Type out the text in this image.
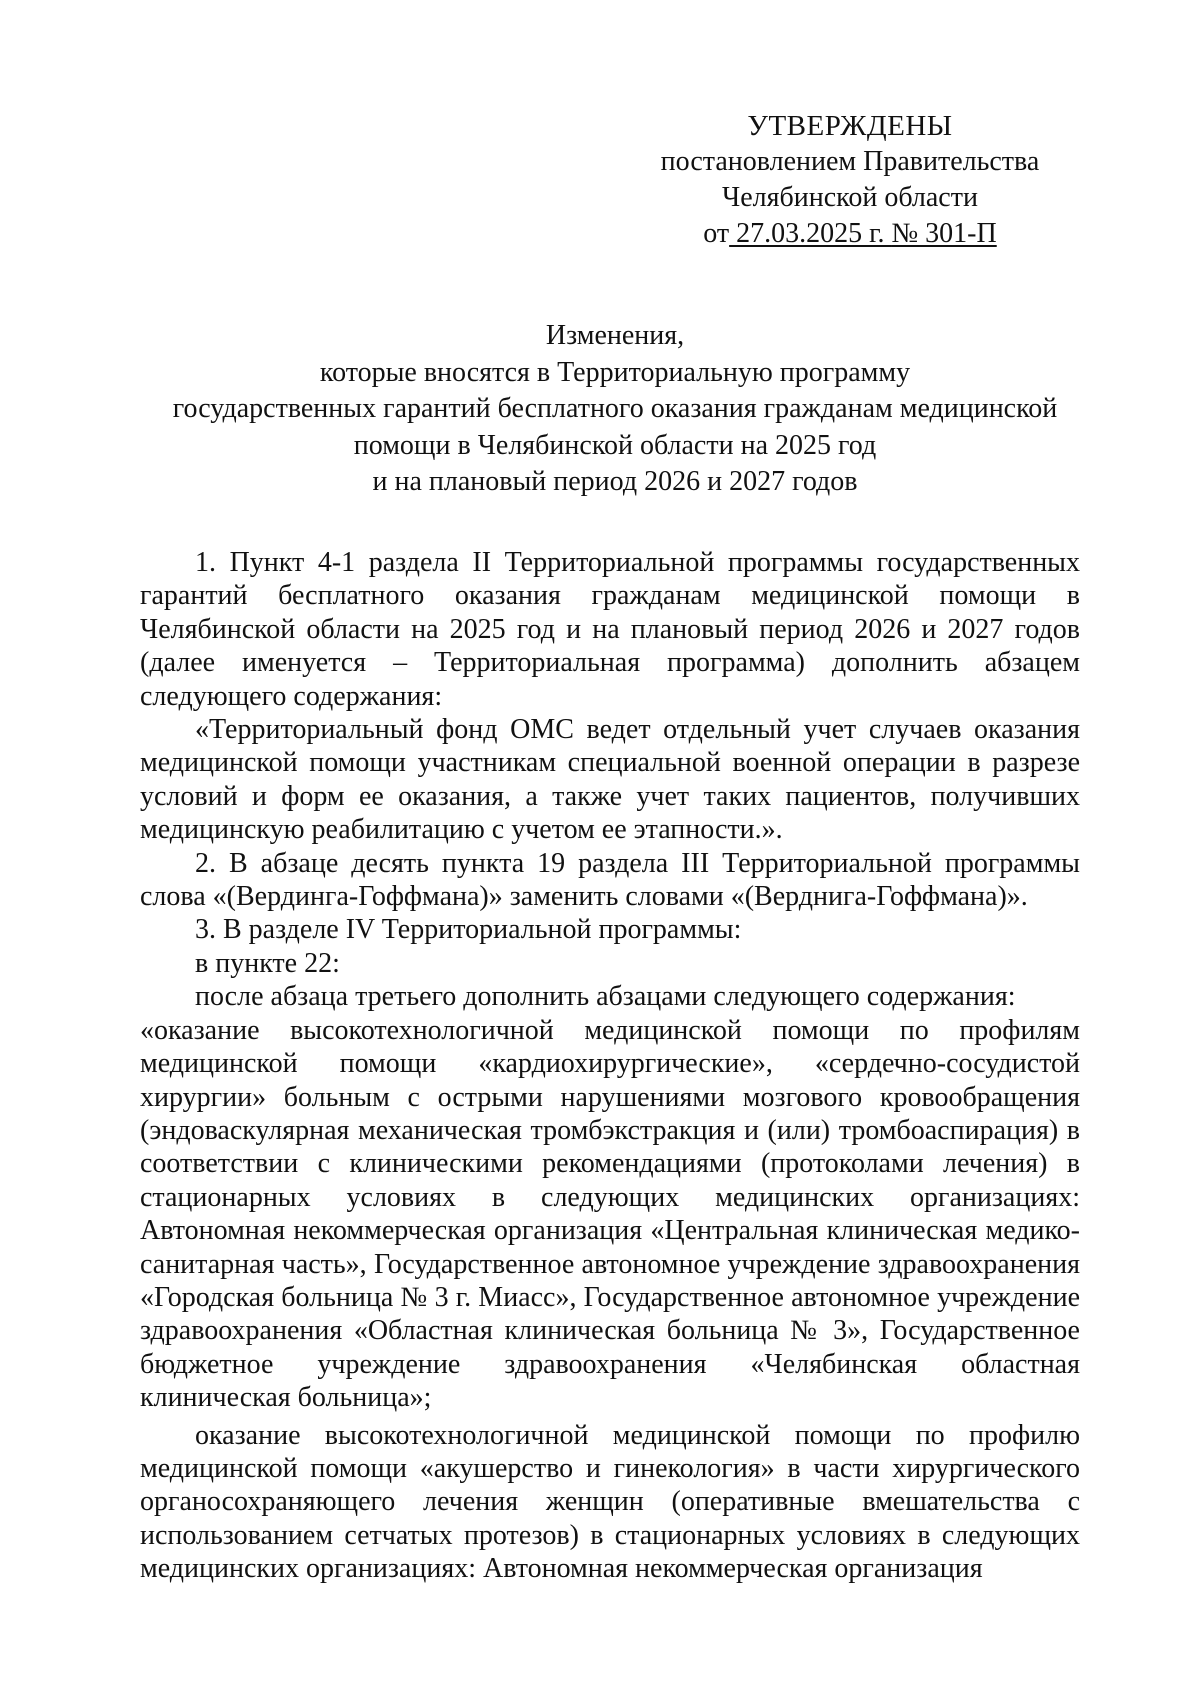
УТВЕРЖДЕНЫ
постановлением Правительства
Челябинской области
от 27.03.2025 г. № 301-П
Изменения,
которые вносятся в Территориальную программу
государственных гарантий бесплатного оказания гражданам медицинской
помощи в Челябинской области на 2025 год
и на плановый период 2026 и 2027 годов

1. Пункт 4-1 раздела II Территориальной программы государственных гарантий бесплатного оказания гражданам медицинской помощи в Челябинской области на 2025 год и на плановый период 2026 и 2027 годов (далее именуется – Территориальная программа) дополнить абзацем следующего содержания:

«Территориальный фонд ОМС ведет отдельный учет случаев оказания медицинской помощи участникам специальной военной операции в разрезе условий и форм ее оказания, а также учет таких пациентов, получивших медицинскую реабилитацию с учетом ее этапности.».

2. В абзаце десять пункта 19 раздела III Территориальной программы слова «(Вердинга-Гоффмана)» заменить словами «(Верднига-Гоффмана)».

3. В разделе IV Территориальной программы:

в пункте 22:

после абзаца третьего дополнить абзацами следующего содержания:

«оказание высокотехнологичной медицинской помощи по профилям медицинской помощи «кардиохирургические», «сердечно-сосудистой хирургии» больным с острыми нарушениями мозгового кровообращения (эндоваскулярная механическая тромбэкстракция и (или) тромбоаспирация) в соответствии с клиническими рекомендациями (протоколами лечения) в стационарных условиях в следующих медицинских организациях: Автономная некоммерческая организация «Центральная клиническая медико-санитарная часть», Государственное автономное учреждение здравоохранения «Городская больница № 3 г. Миасс», Государственное автономное учреждение здравоохранения «Областная клиническая больница № 3», Государственное бюджетное учреждение здравоохранения «Челябинская областная клиническая больница»;

оказание высокотехнологичной медицинской помощи по профилю медицинской помощи «акушерство и гинекология» в части хирургического органосохраняющего лечения женщин (оперативные вмешательства с использованием сетчатых протезов) в стационарных условиях в следующих медицинских организациях: Автономная некоммерческая организация
